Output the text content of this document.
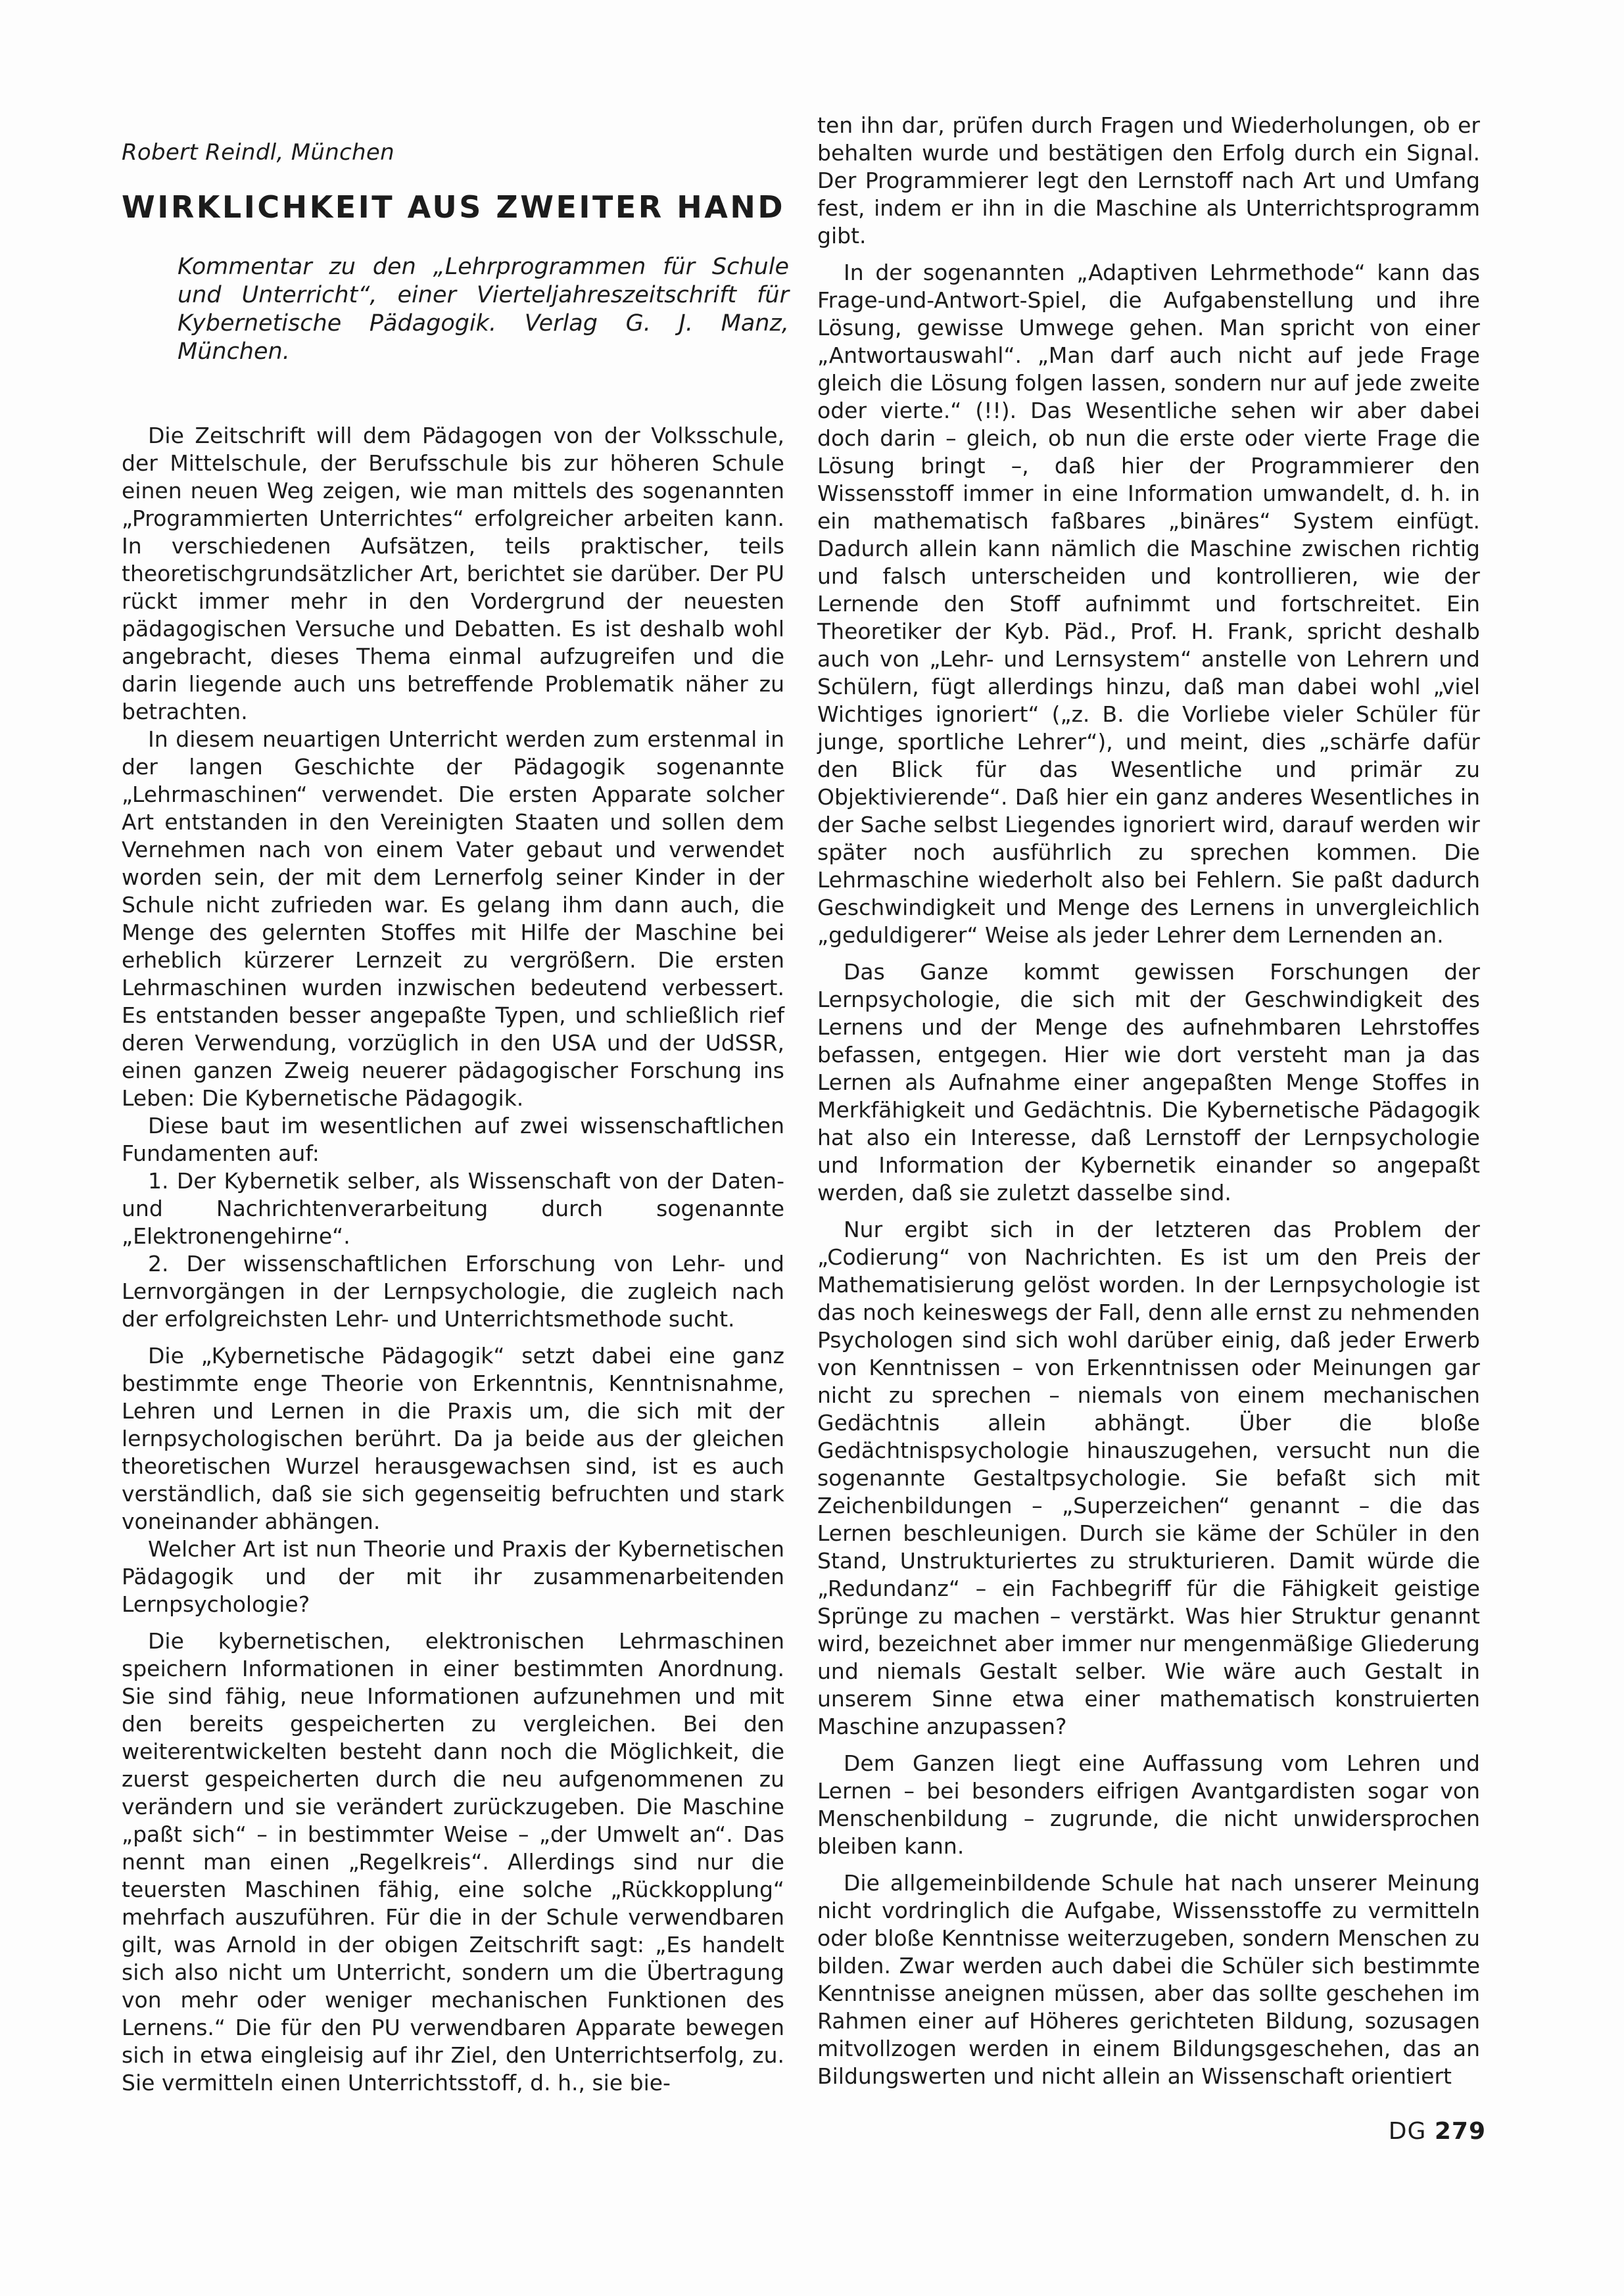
Robert Reindl, München

WIRKLICHKEIT AUS ZWEITER HAND

Kommentar zu den „Lehrprogrammen für Schule und Unterricht“, einer Vierteljahreszeitschrift für Kybernetische Pädagogik. Verlag G. J. Manz, München.

Die Zeitschrift will dem Pädagogen von der Volksschule, der Mittelschule, der Berufsschule bis zur höheren Schule einen neuen Weg zeigen, wie man mittels des sogenannten „Programmierten Unterrichtes“ erfolgreicher arbeiten kann. In verschiedenen Aufsätzen, teils praktischer, teils theoretischgrundsätzlicher Art, berichtet sie darüber. Der PU rückt immer mehr in den Vordergrund der neuesten pädagogischen Versuche und Debatten. Es ist deshalb wohl angebracht, dieses Thema einmal aufzugreifen und die darin liegende auch uns betreffende Problematik näher zu betrachten.

In diesem neuartigen Unterricht werden zum erstenmal in der langen Geschichte der Pädagogik sogenannte „Lehrmaschinen“ verwendet. Die ersten Apparate solcher Art entstanden in den Vereinigten Staaten und sollen dem Vernehmen nach von einem Vater gebaut und verwendet worden sein, der mit dem Lernerfolg seiner Kinder in der Schule nicht zufrieden war. Es gelang ihm dann auch, die Menge des gelernten Stoffes mit Hilfe der Maschine bei erheblich kürzerer Lernzeit zu vergrößern. Die ersten Lehrmaschinen wurden inzwischen bedeutend verbessert. Es entstanden besser angepaßte Typen, und schließlich rief deren Verwendung, vorzüglich in den USA und der UdSSR, einen ganzen Zweig neuerer pädagogischer Forschung ins Leben: Die Kybernetische Pädagogik.

Diese baut im wesentlichen auf zwei wissenschaftlichen Fundamenten auf:

1. Der Kybernetik selber, als Wissenschaft von der Daten- und Nachrichtenverarbeitung durch sogenannte „Elektronengehirne“.

2. Der wissenschaftlichen Erforschung von Lehr- und Lernvorgängen in der Lernpsychologie, die zugleich nach der erfolgreichsten Lehr- und Unterrichtsmethode sucht.

Die „Kybernetische Pädagogik“ setzt dabei eine ganz bestimmte enge Theorie von Erkenntnis, Kenntnisnahme, Lehren und Lernen in die Praxis um, die sich mit der lernpsychologischen berührt. Da ja beide aus der gleichen theoretischen Wurzel herausgewachsen sind, ist es auch verständlich, daß sie sich gegenseitig befruchten und stark voneinander abhängen.

Welcher Art ist nun Theorie und Praxis der Kybernetischen Pädagogik und der mit ihr zusammenarbeitenden Lernpsychologie?

Die kybernetischen, elektronischen Lehrmaschinen speichern Informationen in einer bestimmten Anordnung. Sie sind fähig, neue Informationen aufzunehmen und mit den bereits gespeicherten zu vergleichen. Bei den weiterentwickelten besteht dann noch die Möglichkeit, die zuerst gespeicherten durch die neu aufgenommenen zu verändern und sie verändert zurückzugeben. Die Maschine „paßt sich“ – in bestimmter Weise – „der Umwelt an“. Das nennt man einen „Regelkreis“. Allerdings sind nur die teuersten Maschinen fähig, eine solche „Rückkopplung“ mehrfach auszuführen. Für die in der Schule verwendbaren gilt, was Arnold in der obigen Zeitschrift sagt: „Es handelt sich also nicht um Unterricht, sondern um die Übertragung von mehr oder weniger mechanischen Funktionen des Lernens.“ Die für den PU verwendbaren Apparate bewegen sich in etwa eingleisig auf ihr Ziel, den Unterrichtserfolg, zu. Sie vermitteln einen Unterrichtsstoff, d. h., sie bie-

ten ihn dar, prüfen durch Fragen und Wiederholungen, ob er behalten wurde und bestätigen den Erfolg durch ein Signal. Der Programmierer legt den Lernstoff nach Art und Umfang fest, indem er ihn in die Maschine als Unterrichtsprogramm gibt.

In der sogenannten „Adaptiven Lehrmethode“ kann das Frage-und-Antwort-Spiel, die Aufgabenstellung und ihre Lösung, gewisse Umwege gehen. Man spricht von einer „Antwortauswahl“. „Man darf auch nicht auf jede Frage gleich die Lösung folgen lassen, sondern nur auf jede zweite oder vierte.“ (!!). Das Wesentliche sehen wir aber dabei doch darin – gleich, ob nun die erste oder vierte Frage die Lösung bringt –, daß hier der Programmierer den Wissensstoff immer in eine Information umwandelt, d. h. in ein mathematisch faßbares „binäres“ System einfügt. Dadurch allein kann nämlich die Maschine zwischen richtig und falsch unterscheiden und kontrollieren, wie der Lernende den Stoff aufnimmt und fortschreitet. Ein Theoretiker der Kyb. Päd., Prof. H. Frank, spricht deshalb auch von „Lehr- und Lernsystem“ anstelle von Lehrern und Schülern, fügt allerdings hinzu, daß man dabei wohl „viel Wichtiges ignoriert“ („z. B. die Vorliebe vieler Schüler für junge, sportliche Lehrer“), und meint, dies „schärfe dafür den Blick für das Wesentliche und primär zu Objektivierende“. Daß hier ein ganz anderes Wesentliches in der Sache selbst Liegendes ignoriert wird, darauf werden wir später noch ausführlich zu sprechen kommen. Die Lehrmaschine wiederholt also bei Fehlern. Sie paßt dadurch Geschwindigkeit und Menge des Lernens in unvergleichlich „geduldigerer“ Weise als jeder Lehrer dem Lernenden an.

Das Ganze kommt gewissen Forschungen der Lernpsychologie, die sich mit der Geschwindigkeit des Lernens und der Menge des aufnehmbaren Lehrstoffes befassen, entgegen. Hier wie dort versteht man ja das Lernen als Aufnahme einer angepaßten Menge Stoffes in Merkfähigkeit und Gedächtnis. Die Kybernetische Pädagogik hat also ein Interesse, daß Lernstoff der Lernpsychologie und Information der Kybernetik einander so angepaßt werden, daß sie zuletzt dasselbe sind.

Nur ergibt sich in der letzteren das Problem der „Codierung“ von Nachrichten. Es ist um den Preis der Mathematisierung gelöst worden. In der Lernpsychologie ist das noch keineswegs der Fall, denn alle ernst zu nehmenden Psychologen sind sich wohl darüber einig, daß jeder Erwerb von Kenntnissen – von Erkenntnissen oder Meinungen gar nicht zu sprechen – niemals von einem mechanischen Gedächtnis allein abhängt. Über die bloße Gedächtnispsychologie hinauszugehen, versucht nun die sogenannte Gestaltpsychologie. Sie befaßt sich mit Zeichenbildungen – „Superzeichen“ genannt – die das Lernen beschleunigen. Durch sie käme der Schüler in den Stand, Unstrukturiertes zu strukturieren. Damit würde die „Redundanz“ – ein Fachbegriff für die Fähigkeit geistige Sprünge zu machen – verstärkt. Was hier Struktur genannt wird, bezeichnet aber immer nur mengenmäßige Gliederung und niemals Gestalt selber. Wie wäre auch Gestalt in unserem Sinne etwa einer mathematisch konstruierten Maschine anzupassen?

Dem Ganzen liegt eine Auffassung vom Lehren und Lernen – bei besonders eifrigen Avantgardisten sogar von Menschenbildung – zugrunde, die nicht unwidersprochen bleiben kann.

Die allgemeinbildende Schule hat nach unserer Meinung nicht vordringlich die Aufgabe, Wissensstoffe zu vermitteln oder bloße Kenntnisse weiterzugeben, sondern Menschen zu bilden. Zwar werden auch dabei die Schüler sich bestimmte Kenntnisse aneignen müssen, aber das sollte geschehen im Rahmen einer auf Höheres gerichteten Bildung, sozusagen mitvollzogen werden in einem Bildungsgeschehen, das an Bildungswerten und nicht allein an Wissenschaft orientiert

DG 279
